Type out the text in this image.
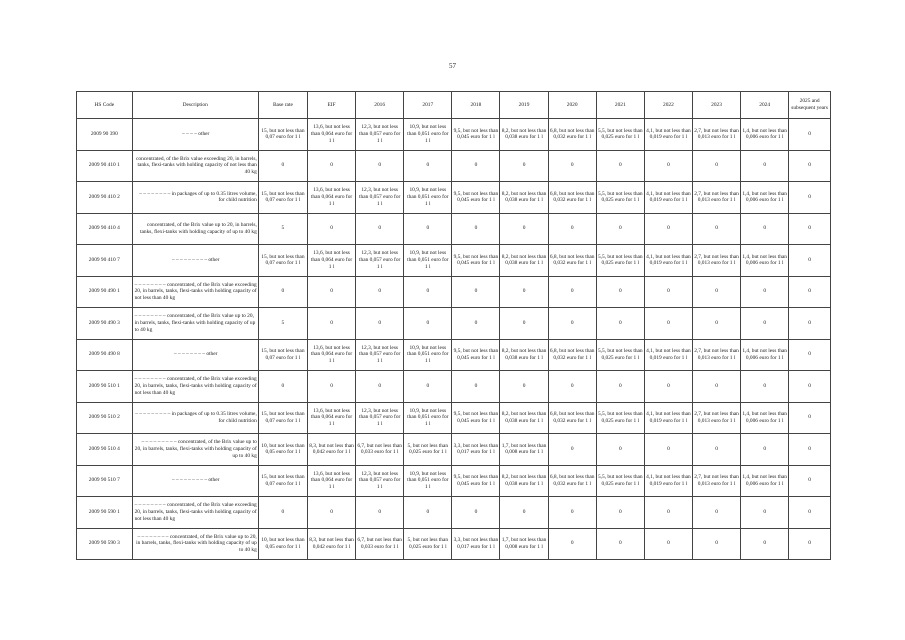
57
HS Code	Description	Base rate	EIF	2016	2017	2018	2019	2020	2021	2022	2023	2024	2025 and subsequent years
2009 90 390	– – – – other	15, but not less than 0,07 euro for 1 l	13,6, but not less than 0,064 euro for 1 l	12,3, but not less than 0,057 euro for 1 l	10,9, but not less than 0,051 euro for 1 l	9,5, but not less than 0,045 euro for 1 l	8,2, but not less than 0,038 euro for 1 l	6,8, but not less than 0,032 euro for 1 l	5,5, but not less than 0,025 euro for 1 l	4,1, but not less than 0,019 euro for 1 l	2,7, but not less than 0,013 euro for 1 l	1,4, but not less than 0,006 euro for 1 l	0
2009 90 410 1	concentrated, of the Brix value exceeding 20, in barrels, tanks, flexi-tanks with holding capacity of not less than 40 kg	0	0	0	0	0	0	0	0	0	0	0	0
2009 90 410 2	– – – – – – – – in packages of up to 0.35 litres volume, for child nutrition	15, but not less than 0,07 euro for 1 l	13,6, but not less than 0,064 euro for 1 l	12,3, but not less than 0,057 euro for 1 l	10,9, but not less than 0,051 euro for 1 l	9,5, but not less than 0,045 euro for 1 l	8,2, but not less than 0,038 euro for 1 l	6,8, but not less than 0,032 euro for 1 l	5,5, but not less than 0,025 euro for 1 l	4,1, but not less than 0,019 euro for 1 l	2,7, but not less than 0,013 euro for 1 l	1,4, but not less than 0,006 euro for 1 l	0
2009 90 410 4	concentrated, of the Brix value up to 20, in barrels, tanks, flexi-tanks with holding capacity of up to 40 kg	5	0	0	0	0	0	0	0	0	0	0	0
2009 90 410 7	– – – – – – – – – other	15, but not less than 0,07 euro for 1 l	13,6, but not less than 0,064 euro for 1 l	12,3, but not less than 0,057 euro for 1 l	10,9, but not less than 0,051 euro for 1 l	9,5, but not less than 0,045 euro for 1 l	8,2, but not less than 0,038 euro for 1 l	6,8, but not less than 0,032 euro for 1 l	5,5, but not less than 0,025 euro for 1 l	4,1, but not less than 0,019 euro for 1 l	2,7, but not less than 0,013 euro for 1 l	1,4, but not less than 0,006 euro for 1 l	0
2009 90 490 1	– – – – – – – – concentrated, of the Brix value exceeding 20, in barrels, tanks, flexi-tanks with holding capacity of not less than 40 kg	0	0	0	0	0	0	0	0	0	0	0	0
2009 90 490 3	– – – – – – – – concentrated, of the Brix value up to 20, in barrels, tanks, flexi-tanks with holding capacity of up to 40 kg	5	0	0	0	0	0	0	0	0	0	0	0
2009 90 490 8	– – – – – – – – other	15, but not less than 0,07 euro for 1 l	13,6, but not less than 0,064 euro for 1 l	12,3, but not less than 0,057 euro for 1 l	10,9, but not less than 0,051 euro for 1 l	9,5, but not less than 0,045 euro for 1 l	8,2, but not less than 0,038 euro for 1 l	6,8, but not less than 0,032 euro for 1 l	5,5, but not less than 0,025 euro for 1 l	4,1, but not less than 0,019 euro for 1 l	2,7, but not less than 0,013 euro for 1 l	1,4, but not less than 0,006 euro for 1 l	0
2009 90 510 1	– – – – – – – – concentrated, of the Brix value exceeding 20, in barrels, tanks, flexi-tanks with holding capacity of not less than 40 kg	0	0	0	0	0	0	0	0	0	0	0	0
2009 90 510 2	– – – – – – – – – in packages of up to 0.35 litres volume, for child nutrition	15, but not less than 0,07 euro for 1 l	13,6, but not less than 0,064 euro for 1 l	12,3, but not less than 0,057 euro for 1 l	10,9, but not less than 0,051 euro for 1 l	9,5, but not less than 0,045 euro for 1 l	8,2, but not less than 0,038 euro for 1 l	6,8, but not less than 0,032 euro for 1 l	5,5, but not less than 0,025 euro for 1 l	4,1, but not less than 0,019 euro for 1 l	2,7, but not less than 0,013 euro for 1 l	1,4, but not less than 0,006 euro for 1 l	0
2009 90 510 4	– – – – – – – – – concentrated, of the Brix value up to 20, in barrels, tanks, flexi-tanks with holding capacity of up to 40 kg	10, but not less than 0,05 euro for 1 l	8,3, but not less than 0,042 euro for 1 l	6,7, but not less than 0,033 euro for 1 l	5, but not less than 0,025 euro for 1 l	3,3, but not less than 0,017 euro for 1 l	1,7, but not less than 0,008 euro for 1 l	0	0	0	0	0	0
2009 90 510 7	– – – – – – – – – other	15, but not less than 0,07 euro for 1 l	13,6, but not less than 0,064 euro for 1 l	12,3, but not less than 0,057 euro for 1 l	10,9, but not less than 0,051 euro for 1 l	9,5, but not less than 0,045 euro for 1 l	8,2, but not less than 0,038 euro for 1 l	6,8, but not less than 0,032 euro for 1 l	5,5, but not less than 0,025 euro for 1 l	4,1, but not less than 0,019 euro for 1 l	2,7, but not less than 0,013 euro for 1 l	1,4, but not less than 0,006 euro for 1 l	0
2009 90 590 1	– – – – – – – – concentrated, of the Brix value exceeding 20, in barrels, tanks, flexi-tanks with holding capacity of not less than 40 kg	0	0	0	0	0	0	0	0	0	0	0	0
2009 90 590 3	– – – – – – – – concentrated, of the Brix value up to 20, in barrels, tanks, flexi-tanks with holding capacity of up to 40 kg	10, but not less than 0,05 euro for 1 l	8,3, but not less than 0,042 euro for 1 l	6,7, but not less than 0,033 euro for 1 l	5, but not less than 0,025 euro for 1 l	3,3, but not less than 0,017 euro for 1 l	1,7, but not less than 0,008 euro for 1 l	0	0	0	0	0	0
